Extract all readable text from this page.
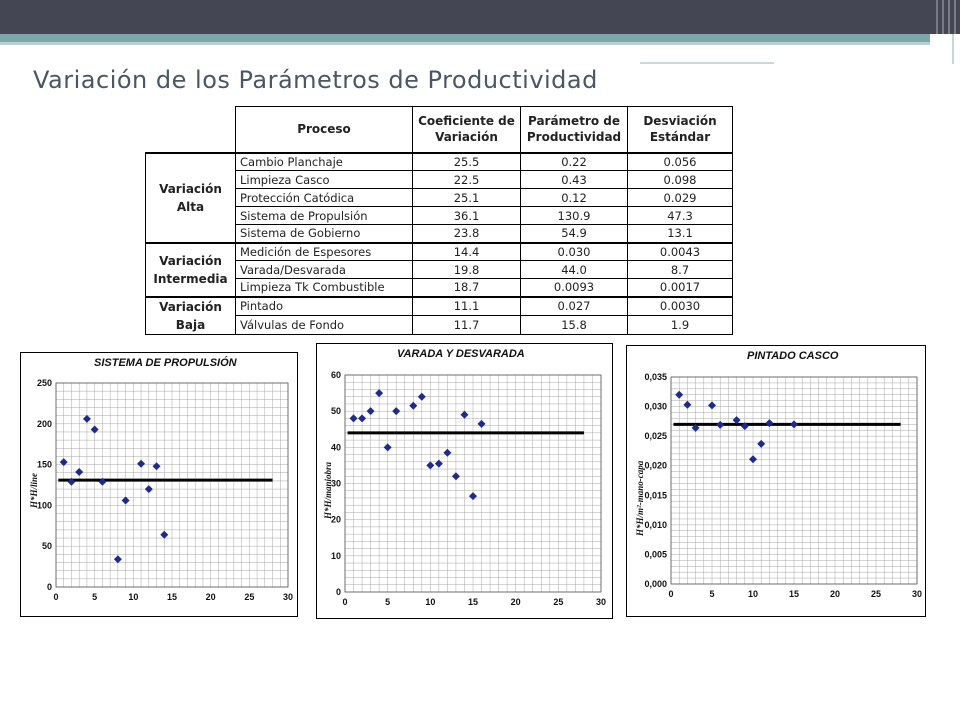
Variación de los Parámetros de Productividad
	Proceso	Coeficiente de Variación	Parámetro de Productividad	Desviación Estándar
Variación Alta	Cambio Planchaje	25.5	0.22	0.056
	Limpieza Casco	22.5	0.43	0.098
	Protección Catódica	25.1	0.12	0.029
	Sistema de Propulsión	36.1	130.9	47.3
	Sistema de Gobierno	23.8	54.9	13.1
Variación Intermedia	Medición de Espesores	14.4	0.030	0.0043
	Varada/Desvarada	19.8	44.0	8.7
	Limpieza Tk Combustible	18.7	0.0093	0.0017
Variación Baja	Pintado	11.1	0.027	0.0030
	Válvulas de Fondo	11.7	15.8	1.9
SISTEMA DE PROPULSIÓN
H*H/line
0	5	10	15	20	25	30
0
50
100
150
200
250
VARADA Y DESVARADA
H*H/maniobra
0	5	10	15	20	25	30
0
10
20
30
40
50
60
PINTADO CASCO
H*H/m²-mano-capa
0	5	10	15	20	25	30
0,000
0,005
0,010
0,015
0,020
0,025
0,030
0,035
